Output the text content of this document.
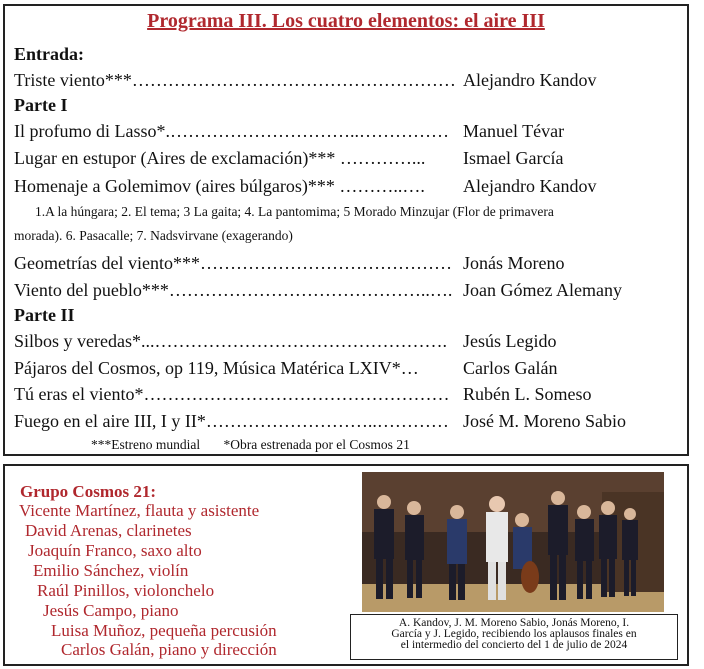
Programa III. Los cuatro elementos: el aire III
Entrada:
Triste viento***……………………………………………… Alejandro Kandov
Parte I
Il profumo di Lasso*.…………………………..…………… Manuel Tévar
Lugar en estupor (Aires de exclamación)*** …………...	Ismael García
Homenaje a Golemimov (aires búlgaros)*** ………..….	Alejandro Kandov
1.A la húngara; 2. El tema; 3 La gaita; 4. La pantomima; 5 Morado Minzujar (Flor de primavera
morada). 6. Pasacalle; 7. Nadsvirvane (exagerando)
Geometrías del viento***…………………………………… Jonás Moreno
Viento del pueblo***……………………………………..…. Joan Gómez Alemany
Parte II
Silbos y veredas*...…………………………………………. Jesús Legido
Pájaros del Cosmos, op 119, Música Matérica LXIV*…	Carlos Galán
Tú eras el viento*…………………………………………… Rubén L. Someso
Fuego en el aire III, I y II*………………………..………… José M. Moreno Sabio
***Estreno mundial *Obra estrenada por el Cosmos 21
Grupo Cosmos 21:
Vicente Martínez, flauta y asistente
David Arenas, clarinetes
Joaquín Franco, saxo alto
Emilio Sánchez, violín
Raúl Pinillos, violonchelo
Jesús Campo, piano
Luisa Muñoz, pequeña percusión
Carlos Galán, piano y dirección
A. Kandov, J. M. Moreno Sabio, Jonás Moreno, I.
García y J. Legido, recibiendo los aplausos finales en
el intermedio del concierto del 1 de julio de 2024
